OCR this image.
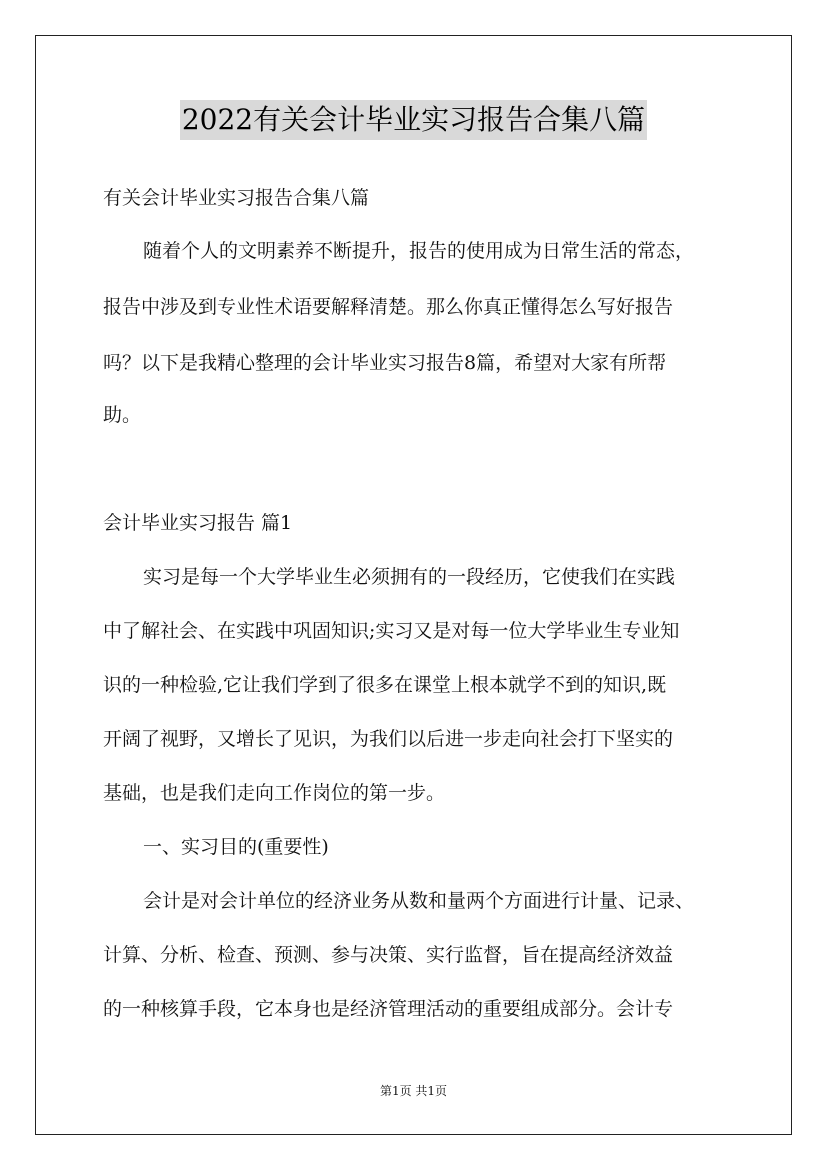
2022有关会计毕业实习报告合集八篇
有关会计毕业实习报告合集八篇
随着个人的文明素养不断提升，报告的使用成为日常生活的常态，
报告中涉及到专业性术语要解释清楚。那么你真正懂得怎么写好报告
吗？以下是我精心整理的会计毕业实习报告8篇，希望对大家有所帮
助。
会计毕业实习报告 篇1
实习是每一个大学毕业生必须拥有的一段经历，它使我们在实践
中了解社会、在实践中巩固知识;实习又是对每一位大学毕业生专业知
识的一种检验,它让我们学到了很多在课堂上根本就学不到的知识,既
开阔了视野，又增长了见识，为我们以后进一步走向社会打下坚实的
基础，也是我们走向工作岗位的第一步。
一、实习目的(重要性)
会计是对会计单位的经济业务从数和量两个方面进行计量、记录、
计算、分析、检查、预测、参与决策、实行监督，旨在提高经济效益
的一种核算手段，它本身也是经济管理活动的重要组成部分。会计专
第1页 共1页
